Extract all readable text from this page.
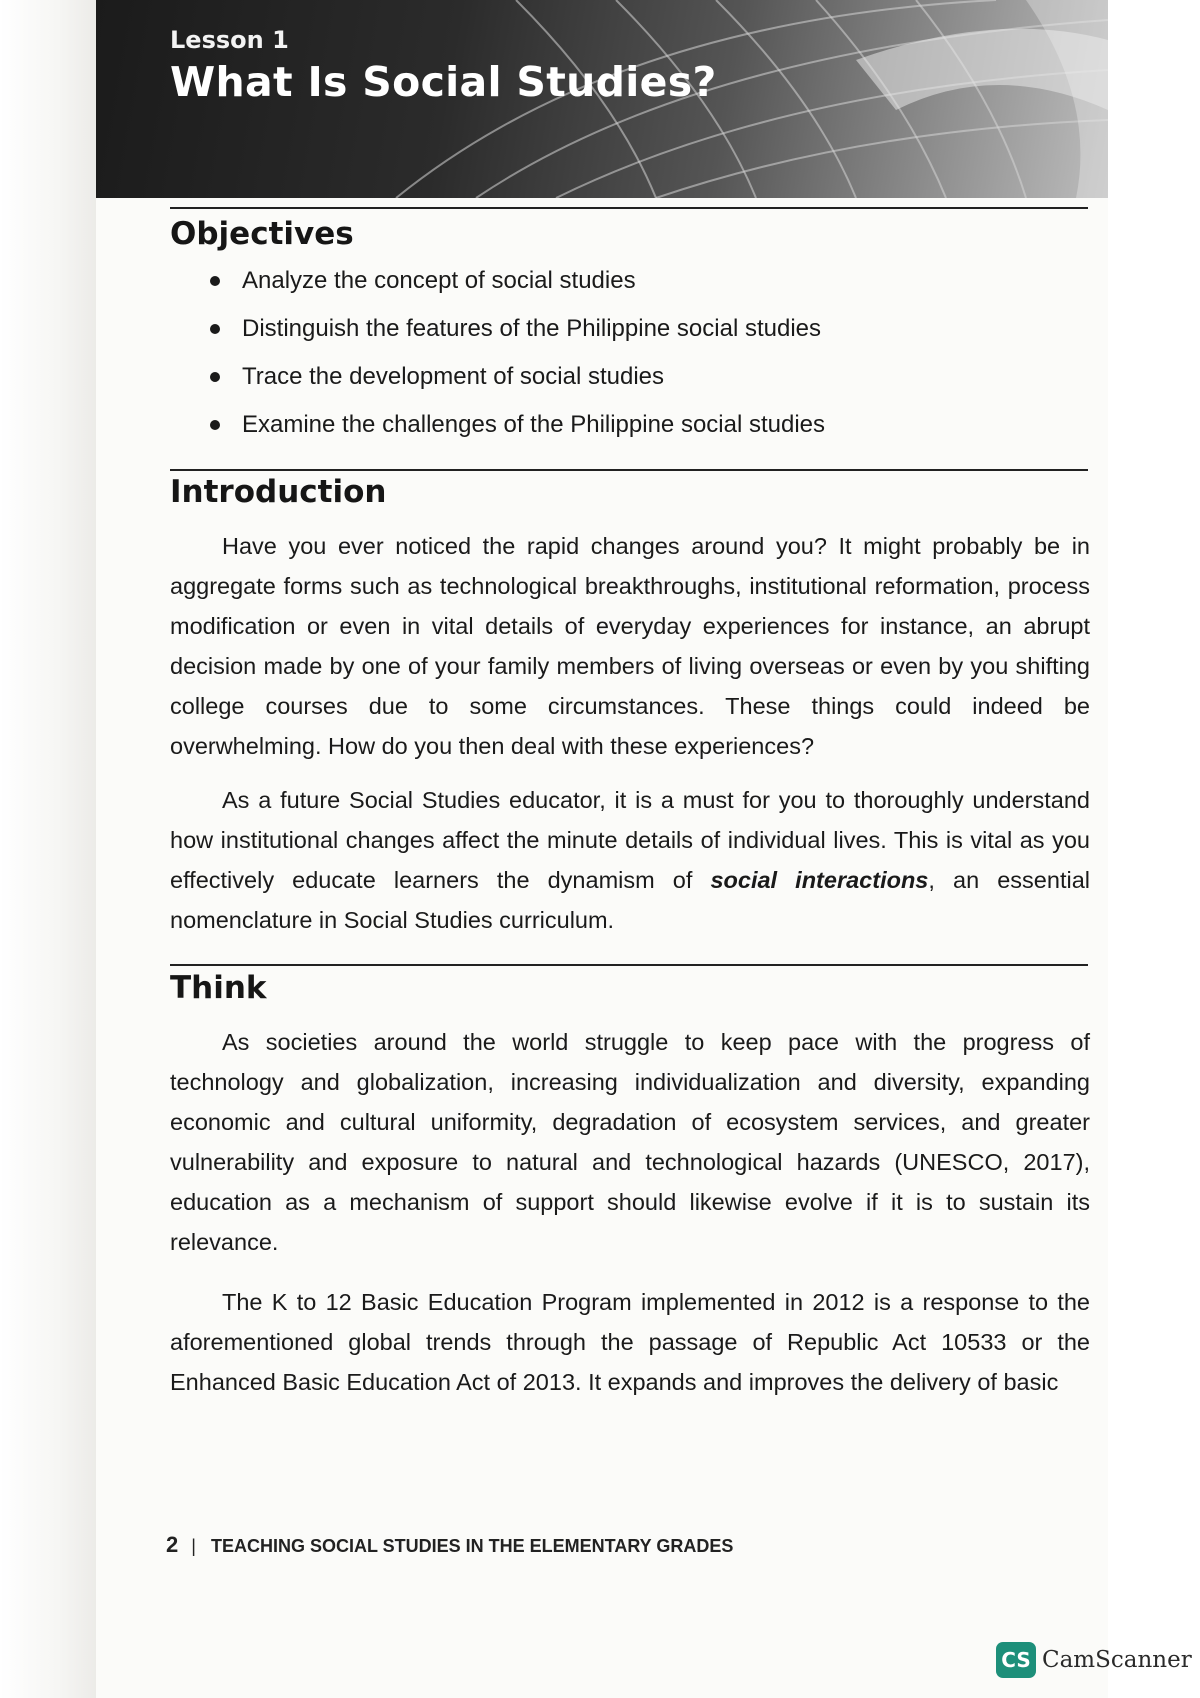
Lesson 1
What Is Social Studies?
Objectives
Analyze the concept of social studies
Distinguish the features of the Philippine social studies
Trace the development of social studies
Examine the challenges of the Philippine social studies
Introduction

Have you ever noticed the rapid changes around you? It might probably be in aggregate forms such as technological breakthroughs, institutional reformation, process modification or even in vital details of everyday experiences for instance, an abrupt decision made by one of your family members of living overseas or even by you shifting college courses due to some circumstances. These things could indeed be overwhelming. How do you then deal with these experiences?

As a future Social Studies educator, it is a must for you to thoroughly understand how institutional changes affect the minute details of individual lives. This is vital as you effectively educate learners the dynamism of social interactions, an essential nomenclature in Social Studies curriculum.

Think

As societies around the world struggle to keep pace with the progress of technology and globalization, increasing individualization and diversity, expanding economic and cultural uniformity, degradation of ecosystem services, and greater vulnerability and exposure to natural and technological hazards (UNESCO, 2017), education as a mechanism of support should likewise evolve if it is to sustain its relevance.

The K to 12 Basic Education Program implemented in 2012 is a response to the aforementioned global trends through the passage of Republic Act 10533 or the Enhanced Basic Education Act of 2013. It expands and improves the delivery of basic

2 | TEACHING SOCIAL STUDIES IN THE ELEMENTARY GRADES
CS CamScanner
